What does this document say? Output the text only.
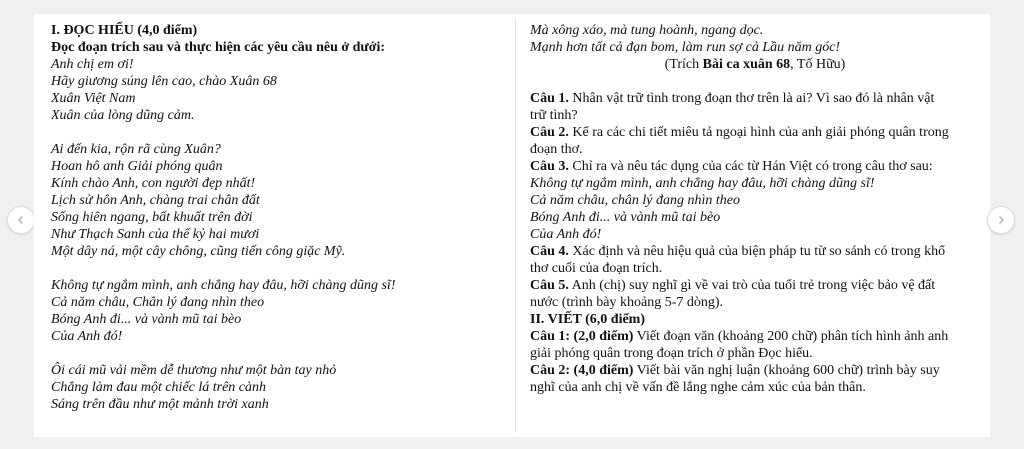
I. ĐỌC HIỂU (4,0 điểm)
Đọc đoạn trích sau và thực hiện các yêu cầu nêu ở dưới:
Anh chị em ơi!
Hãy giương súng lên cao, chào Xuân 68
Xuân Việt Nam
Xuân của lòng dũng cảm.
Ai đến kia, rộn rã cùng Xuân?
Hoan hô anh Giải phóng quân
Kính chào Anh, con người đẹp nhất!
Lịch sử hôn Anh, chàng trai chân đất
Sống hiên ngang, bất khuất trên đời
Như Thạch Sanh của thế kỷ hai mươi
Một dây ná, một cây chông, cũng tiến công giặc Mỹ.
Không tự ngắm mình, anh chẳng hay đâu, hỡi chàng dũng sĩ!
Cả năm châu, Chân lý đang nhìn theo
Bóng Anh đi... và vành mũ tai bèo
Của Anh đó!
Ôi cái mũ vải mềm dễ thương như một bàn tay nhỏ
Chẳng làm đau một chiếc lá trên cành
Sáng trên đầu như một mảnh trời xanh
Mà xông xáo, mà tung hoành, ngang dọc.
Mạnh hơn tất cả đạn bom, làm run sợ cả Lầu năm góc!
(Trích Bài ca xuân 68, Tố Hữu)
Câu 1. Nhân vật trữ tình trong đoạn thơ trên là ai? Vì sao đó là nhân vật
trữ tình?
Câu 2. Kể ra các chi tiết miêu tả ngoại hình của anh giải phóng quân trong
đoạn thơ.
Câu 3. Chỉ ra và nêu tác dụng của các từ Hán Việt có trong câu thơ sau:
Không tự ngắm mình, anh chẳng hay đâu, hỡi chàng dũng sĩ!
Cả năm châu, chân lý đang nhìn theo
Bóng Anh đi... và vành mũ tai bèo
Của Anh đó!
Câu 4. Xác định và nêu hiệu quả của biện pháp tu từ so sánh có trong khổ
thơ cuối của đoạn trích.
Câu 5. Anh (chị) suy nghĩ gì về vai trò của tuổi trẻ trong việc bảo vệ đất
nước (trình bày khoảng 5-7 dòng).
II. VIẾT (6,0 điểm)
Câu 1: (2,0 điểm) Viết đoạn văn (khoảng 200 chữ) phân tích hình ảnh anh
giải phóng quân trong đoạn trích ở phần Đọc hiểu.
Câu 2: (4,0 điểm) Viết bài văn nghị luận (khoảng 600 chữ) trình bày suy
nghĩ của anh chị về vấn đề lắng nghe cảm xúc của bản thân.
